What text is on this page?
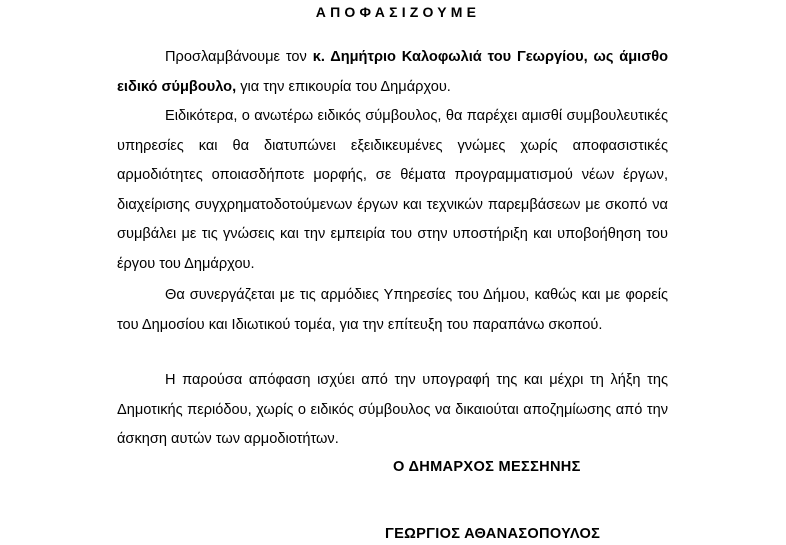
ΑΠΟΦΑΣΙΖΟΥΜΕ

Προσλαμβάνουμε τον κ. Δημήτριο Καλοφωλιά του Γεωργίου, ως άμισθο ειδικό σύμβουλο, για την επικουρία του Δημάρχου.

Ειδικότερα, ο ανωτέρω ειδικός σύμβουλος, θα παρέχει αμισθί συμβουλευτικές υπηρεσίες και θα διατυπώνει εξειδικευμένες γνώμες χωρίς αποφασιστικές αρμοδιότητες οποιασδήποτε μορφής, σε θέματα προγραμματισμού νέων έργων, διαχείρισης συγχρηματοδοτούμενων έργων και τεχνικών παρεμβάσεων με σκοπό να συμβάλει με τις γνώσεις και την εμπειρία του στην υποστήριξη και υποβοήθηση του έργου του Δημάρχου.

Θα συνεργάζεται με τις αρμόδιες Υπηρεσίες του Δήμου, καθώς και με φορείς του Δημοσίου και Ιδιωτικού τομέα, για την επίτευξη του παραπάνω σκοπού.

Η παρούσα απόφαση ισχύει από την υπογραφή της και μέχρι τη λήξη της Δημοτικής περιόδου, χωρίς ο ειδικός σύμβουλος να δικαιούται αποζημίωσης από την άσκηση αυτών των αρμοδιοτήτων.

Ο ΔΗΜΑΡΧΟΣ ΜΕΣΣΗΝΗΣ
ΓΕΩΡΓΙΟΣ ΑΘΑΝΑΣΟΠΟΥΛΟΣ
